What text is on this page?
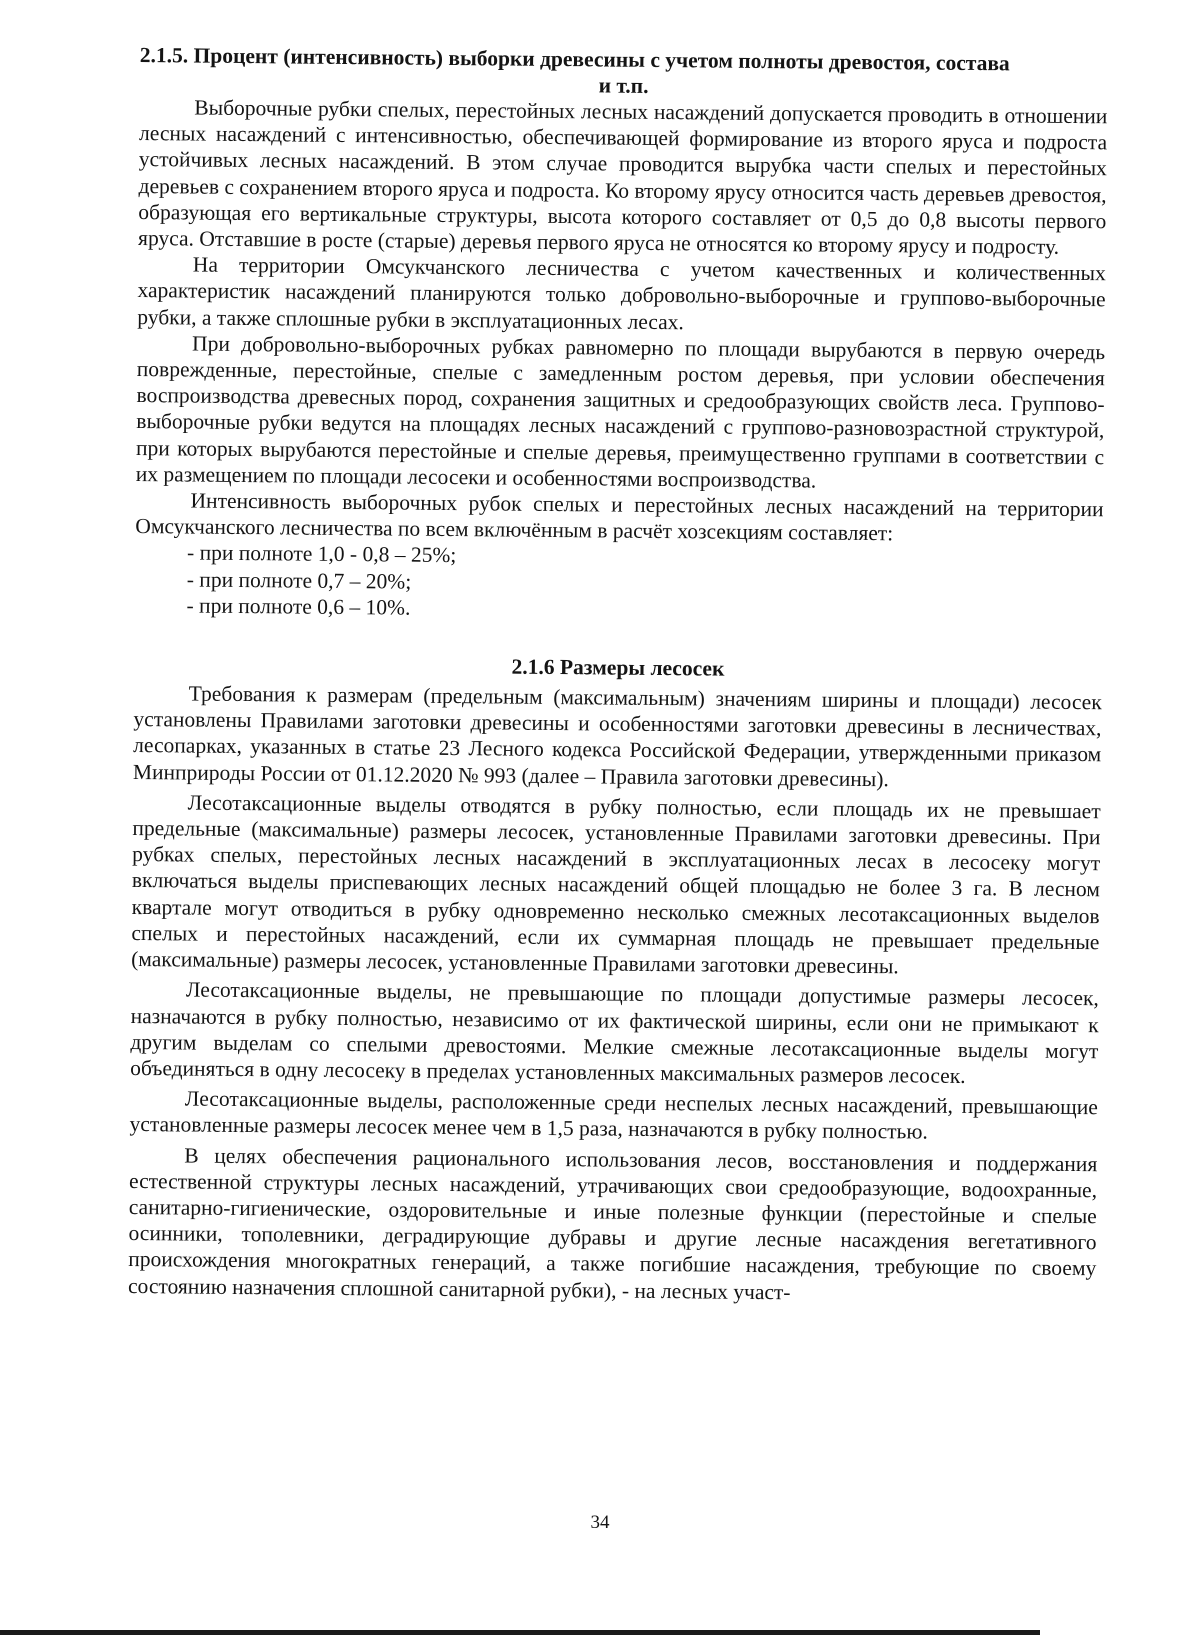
2.1.5. Процент (интенсивность) выборки древесины с учетом полноты древостоя, состава
и т.п.

Выборочные рубки спелых, перестойных лесных насаждений допускается проводить в отношении лесных насаждений с интенсивностью, обеспечивающей формирование из второго яруса и подроста устойчивых лесных насаждений. В этом случае проводится вырубка части спелых и перестойных деревьев с сохранением второго яруса и подроста. Ко второму ярусу относится часть деревьев древостоя, образующая его вертикальные структуры, высота которого составляет от 0,5 до 0,8 высоты первого яруса. Отставшие в росте (старые) деревья первого яруса не относятся ко второму ярусу и подросту.

На территории Омсукчанского лесничества с учетом качественных и количественных характеристик насаждений планируются только добровольно-выборочные и группово-выборочные рубки, а также сплошные рубки в эксплуатационных лесах.

При добровольно-выборочных рубках равномерно по площади вырубаются в первую очередь поврежденные, перестойные, спелые с замедленным ростом деревья, при условии обеспечения воспроизводства древесных пород, сохранения защитных и средообразующих свойств леса. Группово-выборочные рубки ведутся на площадях лесных насаждений с группово-разновозрастной структурой, при которых вырубаются перестойные и спелые деревья, преимущественно группами в соответствии с их размещением по площади лесосеки и особенностями воспроизводства.

Интенсивность выборочных рубок спелых и перестойных лесных насаждений на территории Омсукчанского лесничества по всем включённым в расчёт хозсекциям составляет:

- при полноте 1,0 - 0,8 – 25%;
- при полноте 0,7 – 20%;
- при полноте 0,6 – 10%.
2.1.6 Размеры лесосек

Требования к размерам (предельным (максимальным) значениям ширины и площади) лесосек установлены Правилами заготовки древесины и особенностями заготовки древесины в лесничествах, лесопарках, указанных в статье 23 Лесного кодекса Российской Федерации, утвержденными приказом Минприроды России от 01.12.2020 № 993 (далее – Правила заготовки древесины).

Лесотаксационные выделы отводятся в рубку полностью, если площадь их не превышает предельные (максимальные) размеры лесосек, установленные Правилами заготовки древесины. При рубках спелых, перестойных лесных насаждений в эксплуатационных лесах в лесосеку могут включаться выделы приспевающих лесных насаждений общей площадью не более 3 га. В лесном квартале могут отводиться в рубку одновременно несколько смежных лесотаксационных выделов спелых и перестойных насаждений, если их суммарная площадь не превышает предельные (максимальные) размеры лесосек, установленные Правилами заготовки древесины.

Лесотаксационные выделы, не превышающие по площади допустимые размеры лесосек, назначаются в рубку полностью, независимо от их фактической ширины, если они не примыкают к другим выделам со спелыми древостоями. Мелкие смежные лесотаксационные выделы могут объединяться в одну лесосеку в пределах установленных максимальных размеров лесосек.

Лесотаксационные выделы, расположенные среди неспелых лесных насаждений, превышающие установленные размеры лесосек менее чем в 1,5 раза, назначаются в рубку полностью.

В целях обеспечения рационального использования лесов, восстановления и поддержания естественной структуры лесных насаждений, утрачивающих свои средообразующие, водоохранные, санитарно-гигиенические, оздоровительные и иные полезные функции (перестойные и спелые осинники, тополевники, деградирующие дубравы и другие лесные насаждения вегетативного происхождения многократных генераций, а также погибшие насаждения, требующие по своему состоянию назначения сплошной санитарной рубки), - на лесных участ-

34
